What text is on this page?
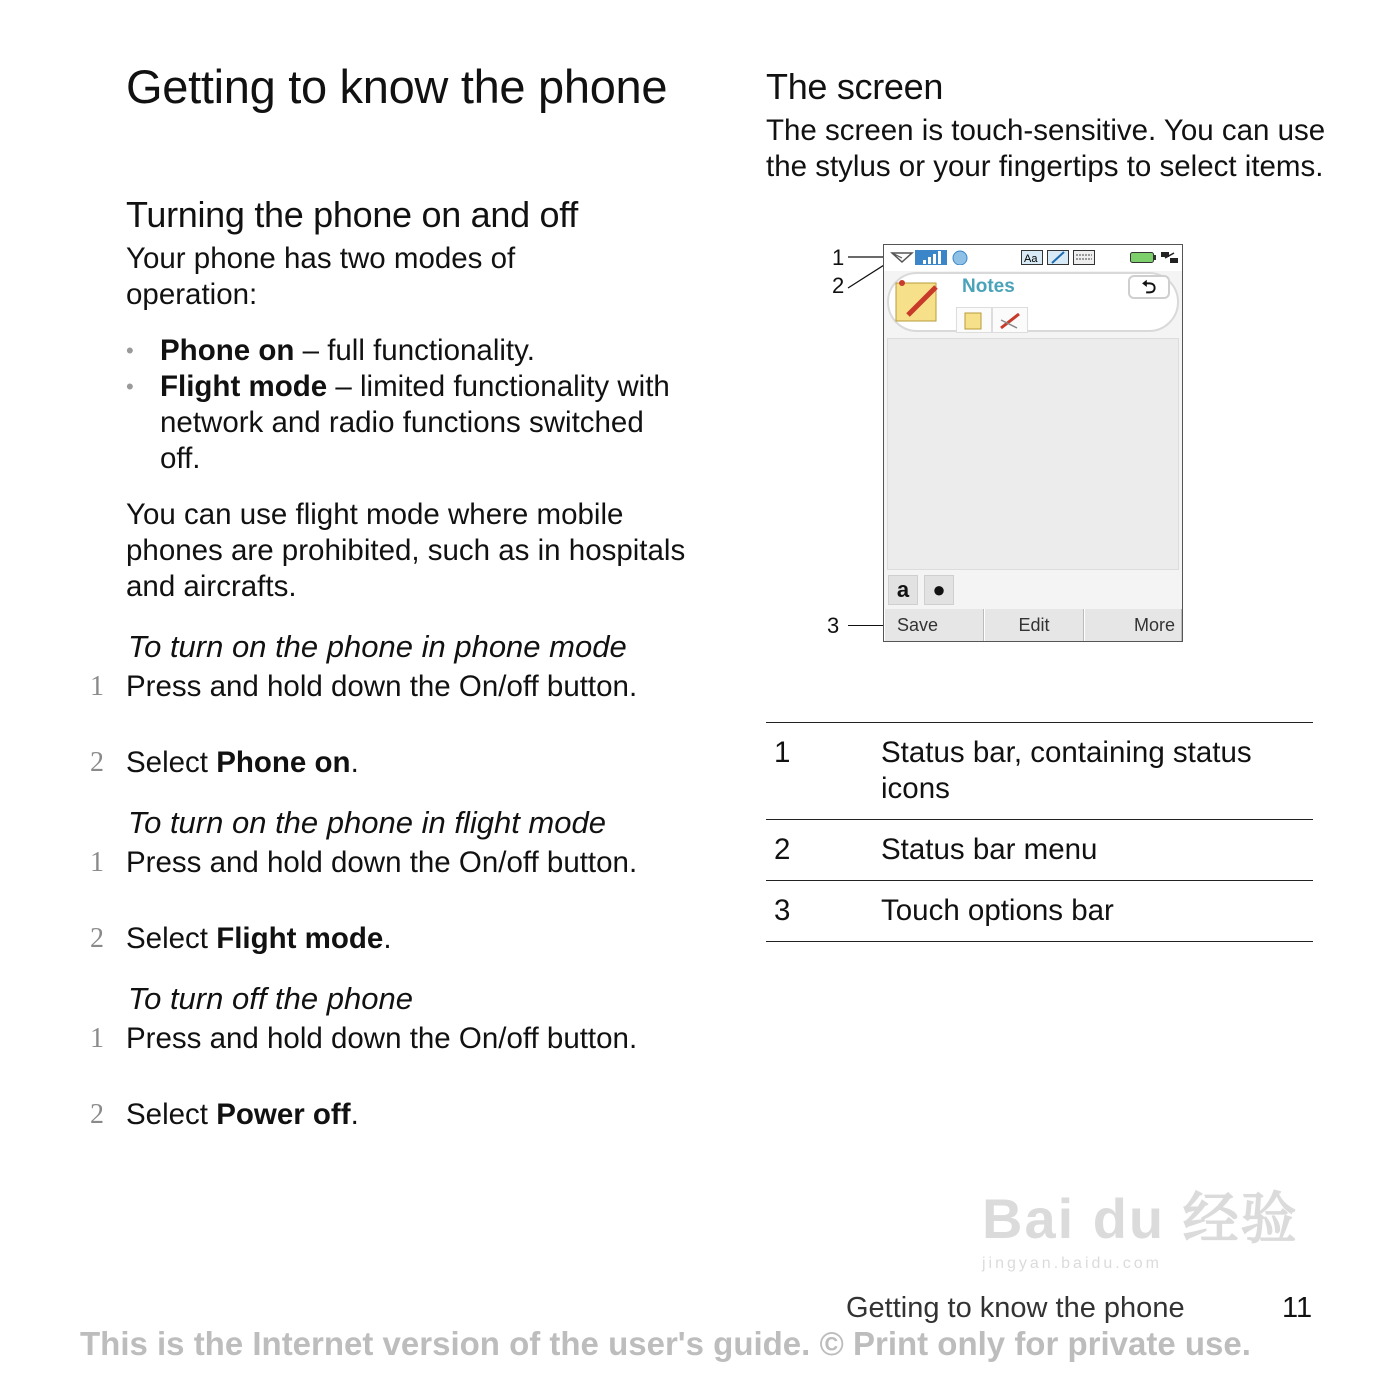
Getting to know the phone
Turning the phone on and off

Your phone has two modes of operation:

• Phone on – full functionality.
• Flight mode – limited functionality with network and radio functions switched off.

You can use flight mode where mobile phones are prohibited, such as in hospitals and aircrafts.

To turn on the phone in phone mode
1 Press and hold down the On/off button.
2 Select Phone on.
To turn on the phone in flight mode
1 Press and hold down the On/off button.
2 Select Flight mode.
To turn off the phone
1 Press and hold down the On/off button.
2 Select Power off.
The screen

The screen is touch-sensitive. You can use the stylus or your fingertips to select items.

1
2
3
Aa
Notes	⮌
a	●
Save	Edit	More
1	Status bar, containing status icons
2	Status bar menu
3	Touch options bar
Bai du 经验
jingyan.baidu.com
Getting to know the phone	11
This is the Internet version of the user's guide. © Print only for private use.
